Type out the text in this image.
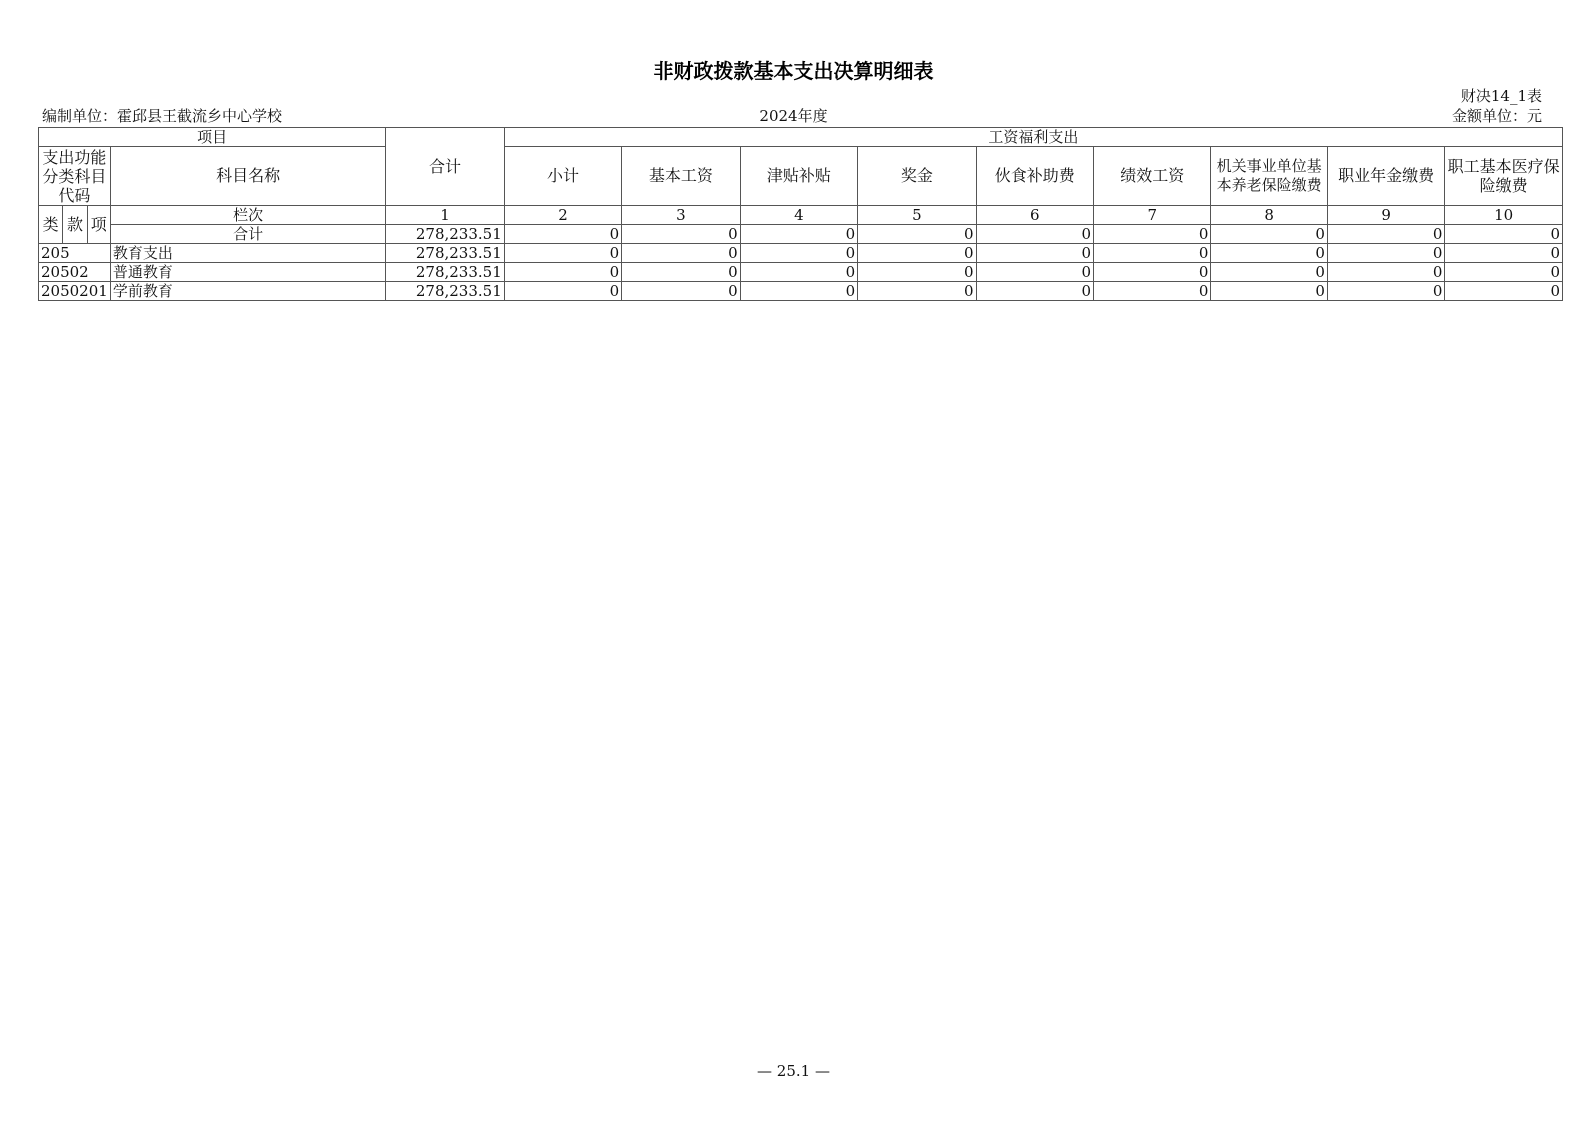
非财政拨款基本支出决算明细表
财决14_1表
编制单位：霍邱县王截流乡中心学校	2024年度	金额单位：元
项目				合计	工资福利支出								
支出功能分类科目代码			科目名称		小计	基本工资	津贴补贴	奖金	伙食补助费	绩效工资	机关事业单位基本养老保险缴费	职业年金缴费	职工基本医疗保险缴费
类	款	项	栏次	1	2	3	4	5	6	7	8	9	10
			合计	278,233.51	0	0	0	0	0	0	0	0	0
205			教育支出	278,233.51	0	0	0	0	0	0	0	0	0
20502			普通教育	278,233.51	0	0	0	0	0	0	0	0	0
2050201			学前教育	278,233.51	0	0	0	0	0	0	0	0	0
— 25.1 —
